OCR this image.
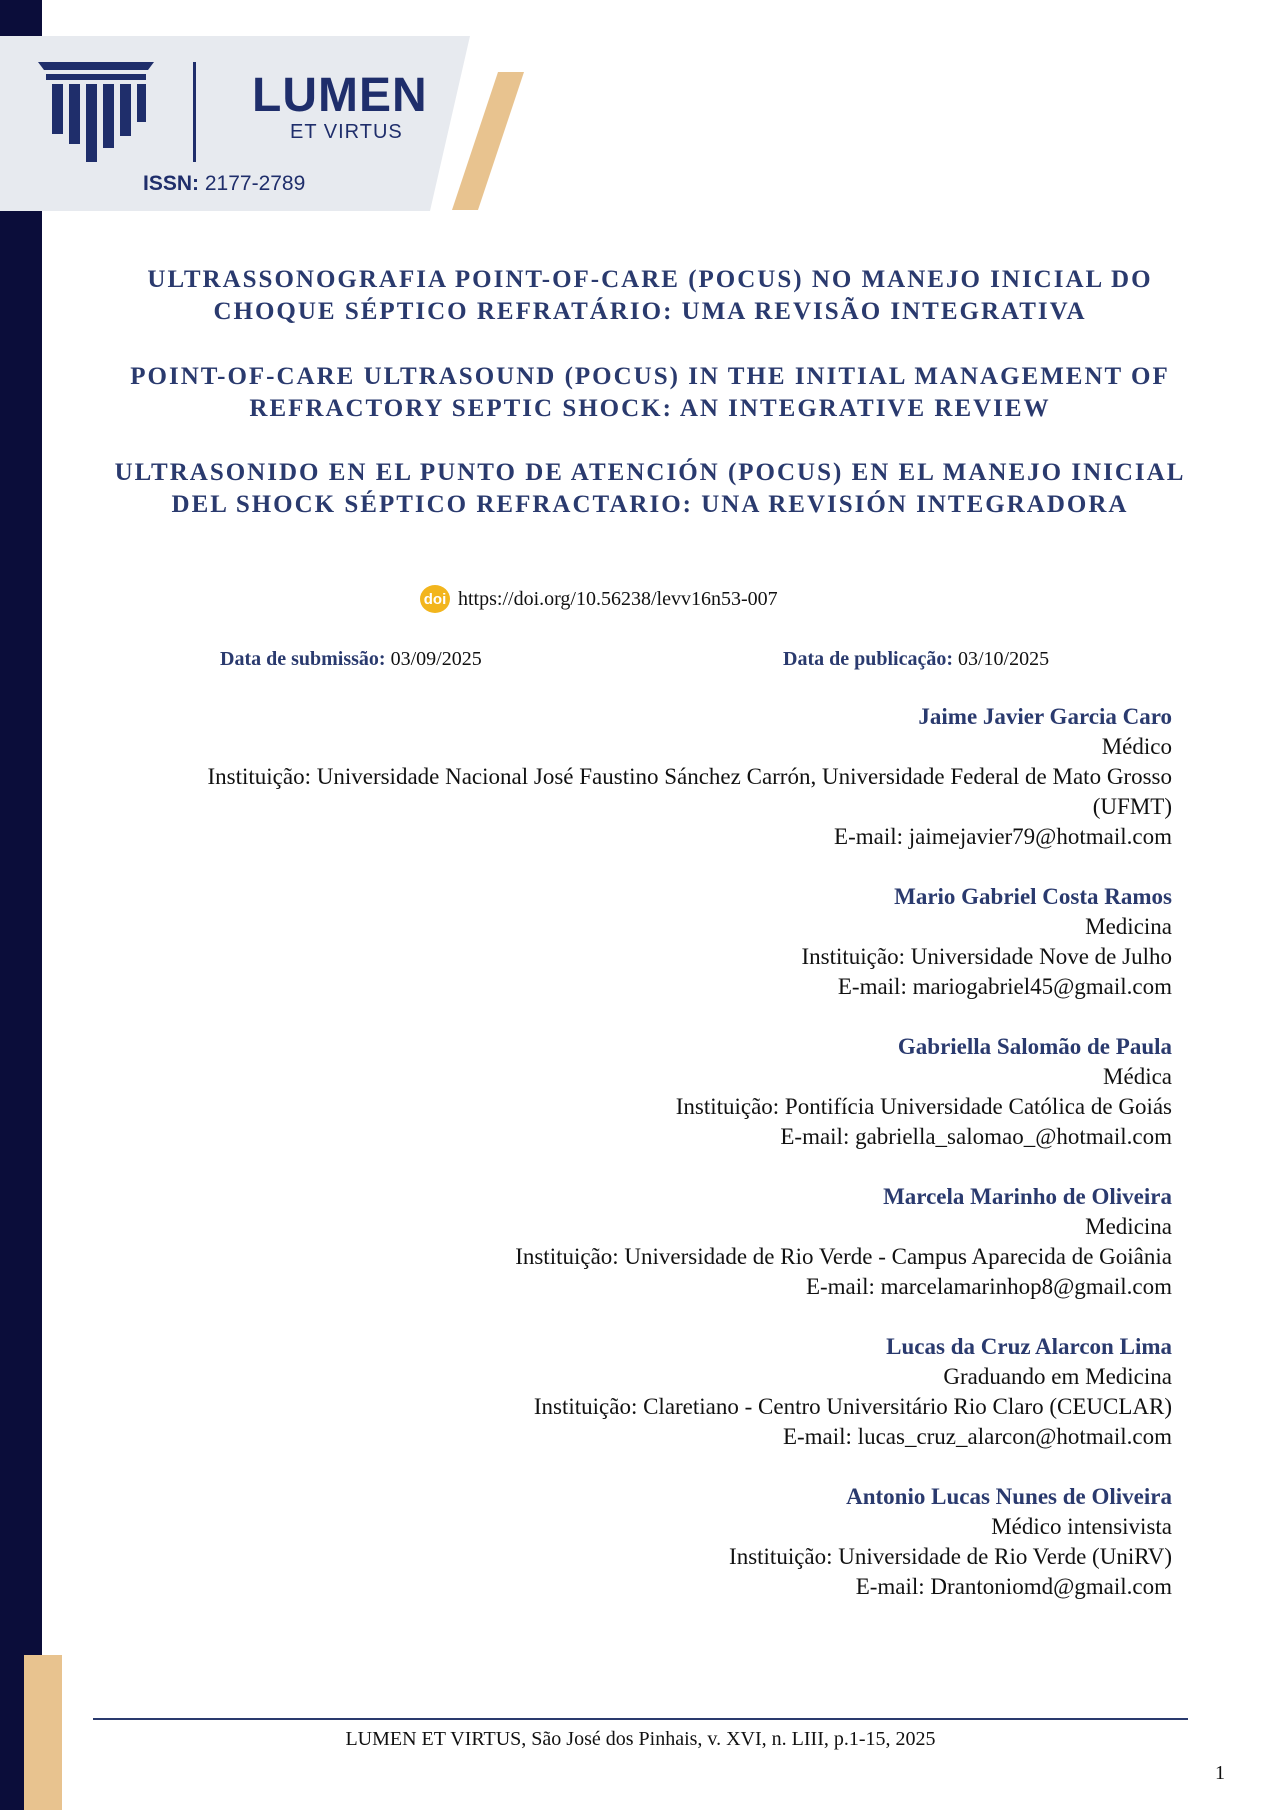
LUMEN
ET VIRTUS
ISSN: 2177-2789
ULTRASSONOGRAFIA POINT-OF-CARE (POCUS) NO MANEJO INICIAL DO CHOQUE SÉPTICO REFRATÁRIO: UMA REVISÃO INTEGRATIVA
POINT-OF-CARE ULTRASOUND (POCUS) IN THE INITIAL MANAGEMENT OF REFRACTORY SEPTIC SHOCK: AN INTEGRATIVE REVIEW
ULTRASONIDO EN EL PUNTO DE ATENCIÓN (POCUS) EN EL MANEJO INICIAL DEL SHOCK SÉPTICO REFRACTARIO: UNA REVISIÓN INTEGRADORA
doi https://doi.org/10.56238/levv16n53-007
Data de submissão: 03/09/2025	Data de publicação: 03/10/2025
Jaime Javier Garcia Caro
Médico
Instituição: Universidade Nacional José Faustino Sánchez Carrón, Universidade Federal de Mato Grosso (UFMT)
E-mail: jaimejavier79@hotmail.com
Mario Gabriel Costa Ramos
Medicina
Instituição: Universidade Nove de Julho
E-mail: mariogabriel45@gmail.com
Gabriella Salomão de Paula
Médica
Instituição: Pontifícia Universidade Católica de Goiás
E-mail: gabriella_salomao_@hotmail.com
Marcela Marinho de Oliveira
Medicina
Instituição: Universidade de Rio Verde - Campus Aparecida de Goiânia
E-mail: marcelamarinhop8@gmail.com
Lucas da Cruz Alarcon Lima
Graduando em Medicina
Instituição: Claretiano - Centro Universitário Rio Claro (CEUCLAR)
E-mail: lucas_cruz_alarcon@hotmail.com
Antonio Lucas Nunes de Oliveira
Médico intensivista
Instituição: Universidade de Rio Verde (UniRV)
E-mail: Drantoniomd@gmail.com
LUMEN ET VIRTUS, São José dos Pinhais, v. XVI, n. LIII, p.1-15, 2025
1
